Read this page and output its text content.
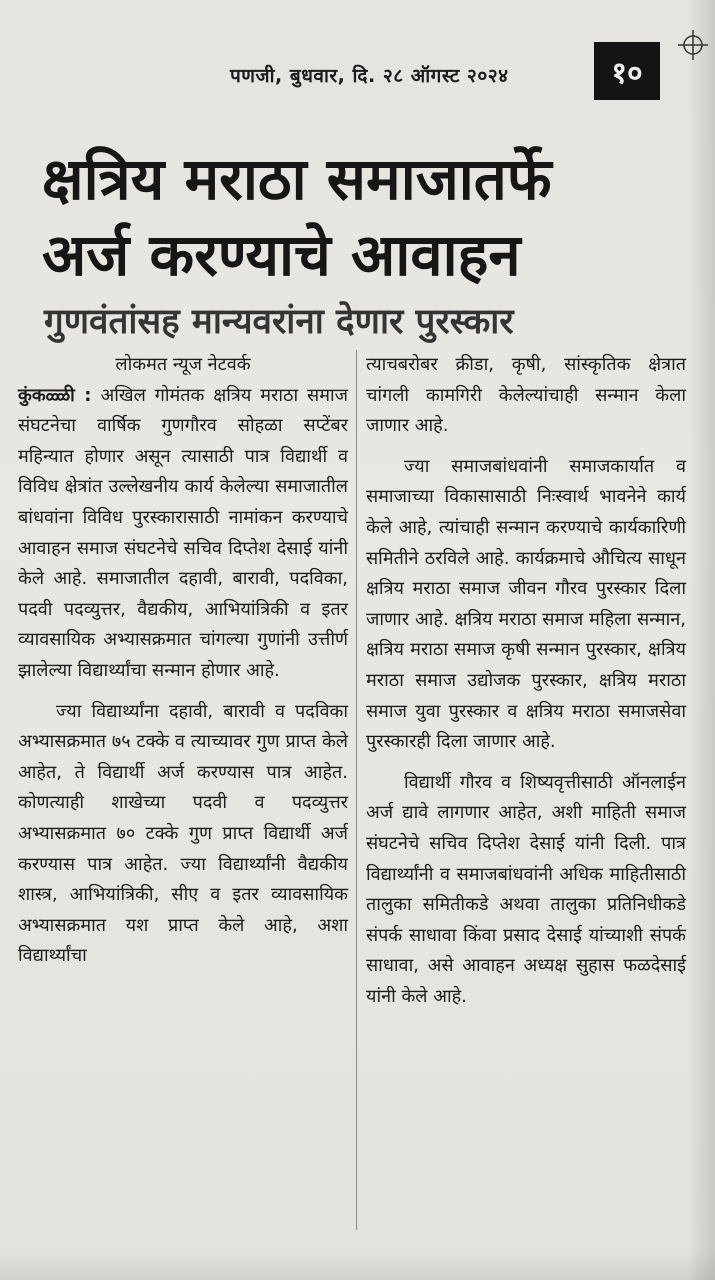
पणजी, बुधवार, दि. २८ ऑगस्ट २०२४	१०
क्षत्रिय मराठा समाजातर्फे
अर्ज करण्याचे आवाहन
गुणवंतांसह मान्यवरांना देणार पुरस्कार

लोकमत न्यूज नेटवर्क
कुंकळ्ळी : अखिल गोमंतक क्षत्रिय मराठा समाज संघटनेचा वार्षिक गुणगौरव सोहळा सप्टेंबर महिन्यात होणार असून त्यासाठी पात्र विद्यार्थी व विविध क्षेत्रांत उल्लेखनीय कार्य केलेल्या समाजातील बांधवांना विविध पुरस्कारासाठी नामांकन करण्याचे आवाहन समाज संघटनेचे सचिव दिप्तेश देसाई यांनी केले आहे. समाजातील दहावी, बारावी, पदविका, पदवी पदव्युत्तर, वैद्यकीय, आभियांत्रिकी व इतर व्यावसायिक अभ्यासक्रमात चांगल्या गुणांनी उत्तीर्ण झालेल्या विद्यार्थ्यांचा सन्मान होणार आहे.

ज्या विद्यार्थ्यांना दहावी, बारावी व पदविका अभ्यासक्रमात ७५ टक्के व त्याच्यावर गुण प्राप्त केले आहेत, ते विद्यार्थी अर्ज करण्यास पात्र आहेत. कोणत्याही शाखेच्या पदवी व पदव्युत्तर अभ्यासक्रमात ७० टक्के गुण प्राप्त विद्यार्थी अर्ज करण्यास पात्र आहेत. ज्या विद्यार्थ्यांनी वैद्यकीय शास्त्र, आभियांत्रिकी, सीए व इतर व्यावसायिक अभ्यासक्रमात यश प्राप्त केले आहे, अशा विद्यार्थ्यांचा

त्याचबरोबर क्रीडा, कृषी, सांस्कृतिक क्षेत्रात चांगली कामगिरी केलेल्यांचाही सन्मान केला जाणार आहे.

ज्या समाजबांधवांनी समाजकार्यात व समाजाच्या विकासासाठी निःस्वार्थ भावनेने कार्य केले आहे, त्यांचाही सन्मान करण्याचे कार्यकारिणी समितीने ठरविले आहे. कार्यक्रमाचे औचित्य साधून क्षत्रिय मराठा समाज जीवन गौरव पुरस्कार दिला जाणार आहे. क्षत्रिय मराठा समाज महिला सन्मान, क्षत्रिय मराठा समाज कृषी सन्मान पुरस्कार, क्षत्रिय मराठा समाज उद्योजक पुरस्कार, क्षत्रिय मराठा समाज युवा पुरस्कार व क्षत्रिय मराठा समाजसेवा पुरस्कारही दिला जाणार आहे.

विद्यार्थी गौरव व शिष्यवृत्तीसाठी ऑनलाईन अर्ज द्यावे लागणार आहेत, अशी माहिती समाज संघटनेचे सचिव दिप्तेश देसाई यांनी दिली. पात्र विद्यार्थ्यांनी व समाजबांधवांनी अधिक माहितीसाठी तालुका समितीकडे अथवा तालुका प्रतिनिधीकडे संपर्क साधावा किंवा प्रसाद देसाई यांच्याशी संपर्क साधावा, असे आवाहन अध्यक्ष सुहास फळदेसाई यांनी केले आहे.
